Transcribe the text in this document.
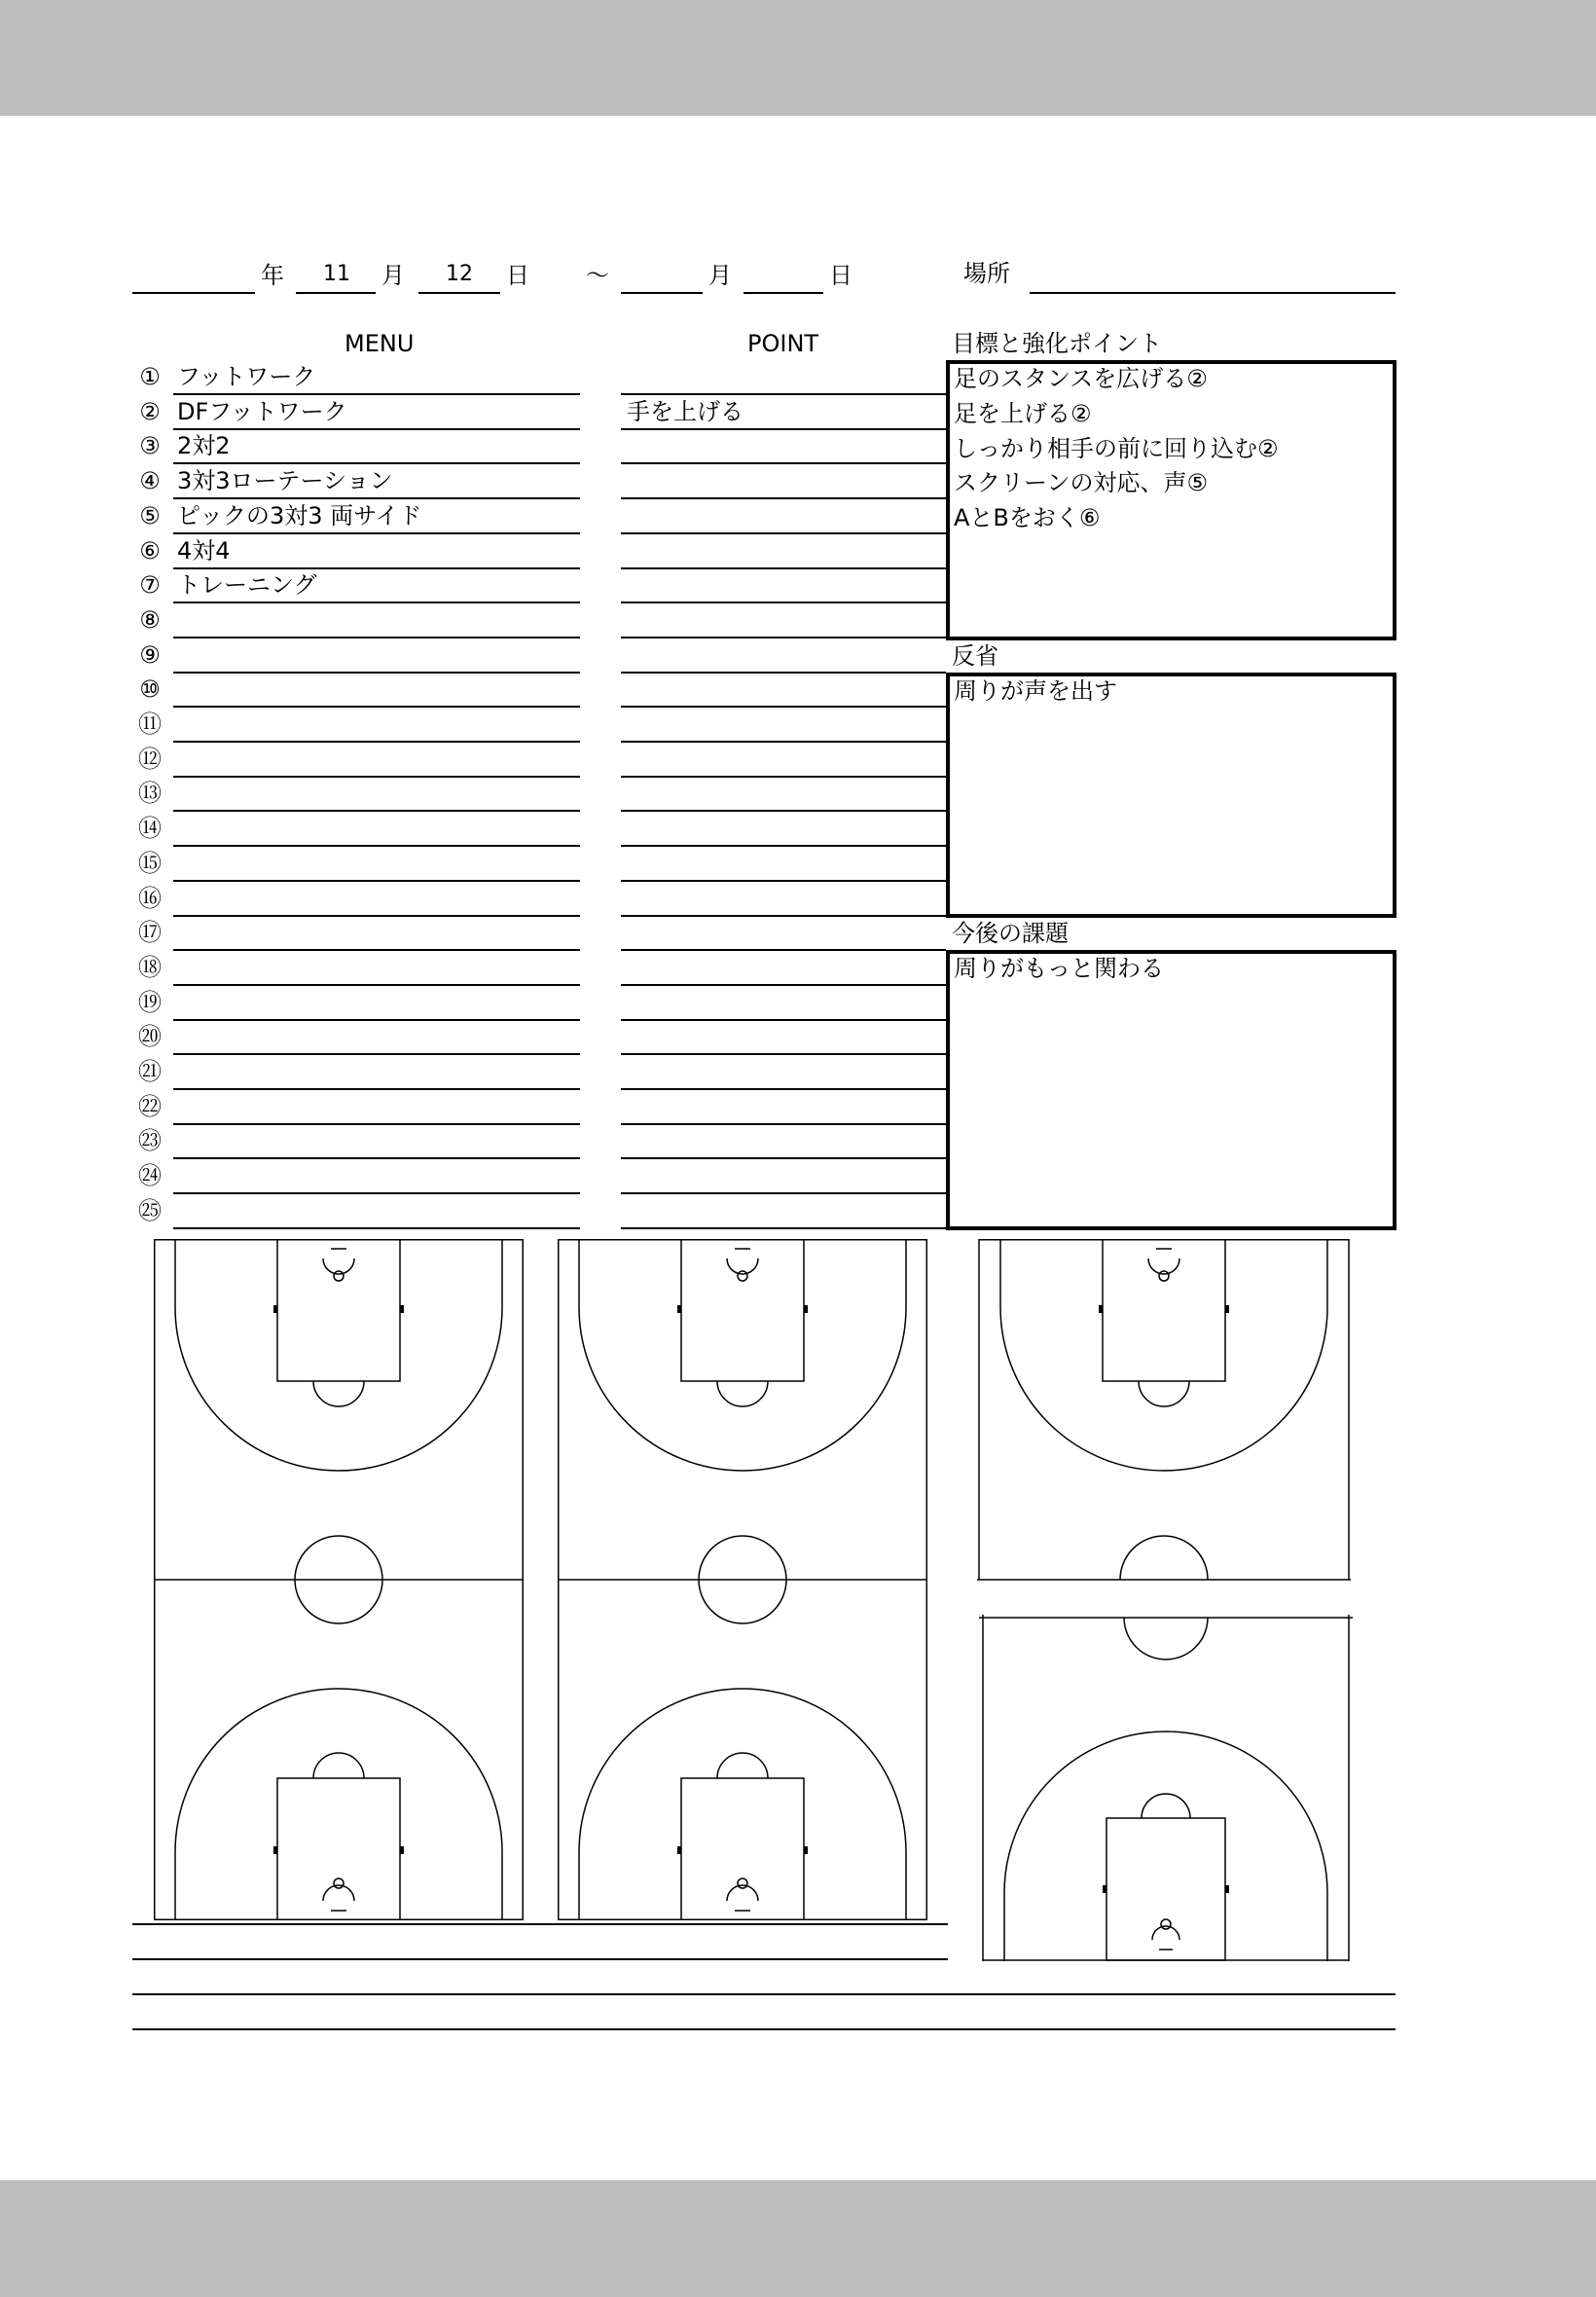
年 11 月 12 日 ～	月	日	場所
MENU	POINT
① フットワーク
② DFフットワーク	手を上げる
③ 2対2
④ 3対3ローテーション
⑤ ピックの3対3 両サイド
⑥ 4対4
⑦ トレーニング
⑧
⑨
⑩
⑪
⑫
⑬
⑭
⑮
⑯
⑰
⑱
⑲
⑳
㉑
㉒
㉓
㉔
㉕
目標と強化ポイント
足のスタンスを広げる②
足を上げる②
しっかり相手の前に回り込む②
スクリーンの対応、声⑤
AとBをおく⑥
反省
周りが声を出す
今後の課題
周りがもっと関わる
